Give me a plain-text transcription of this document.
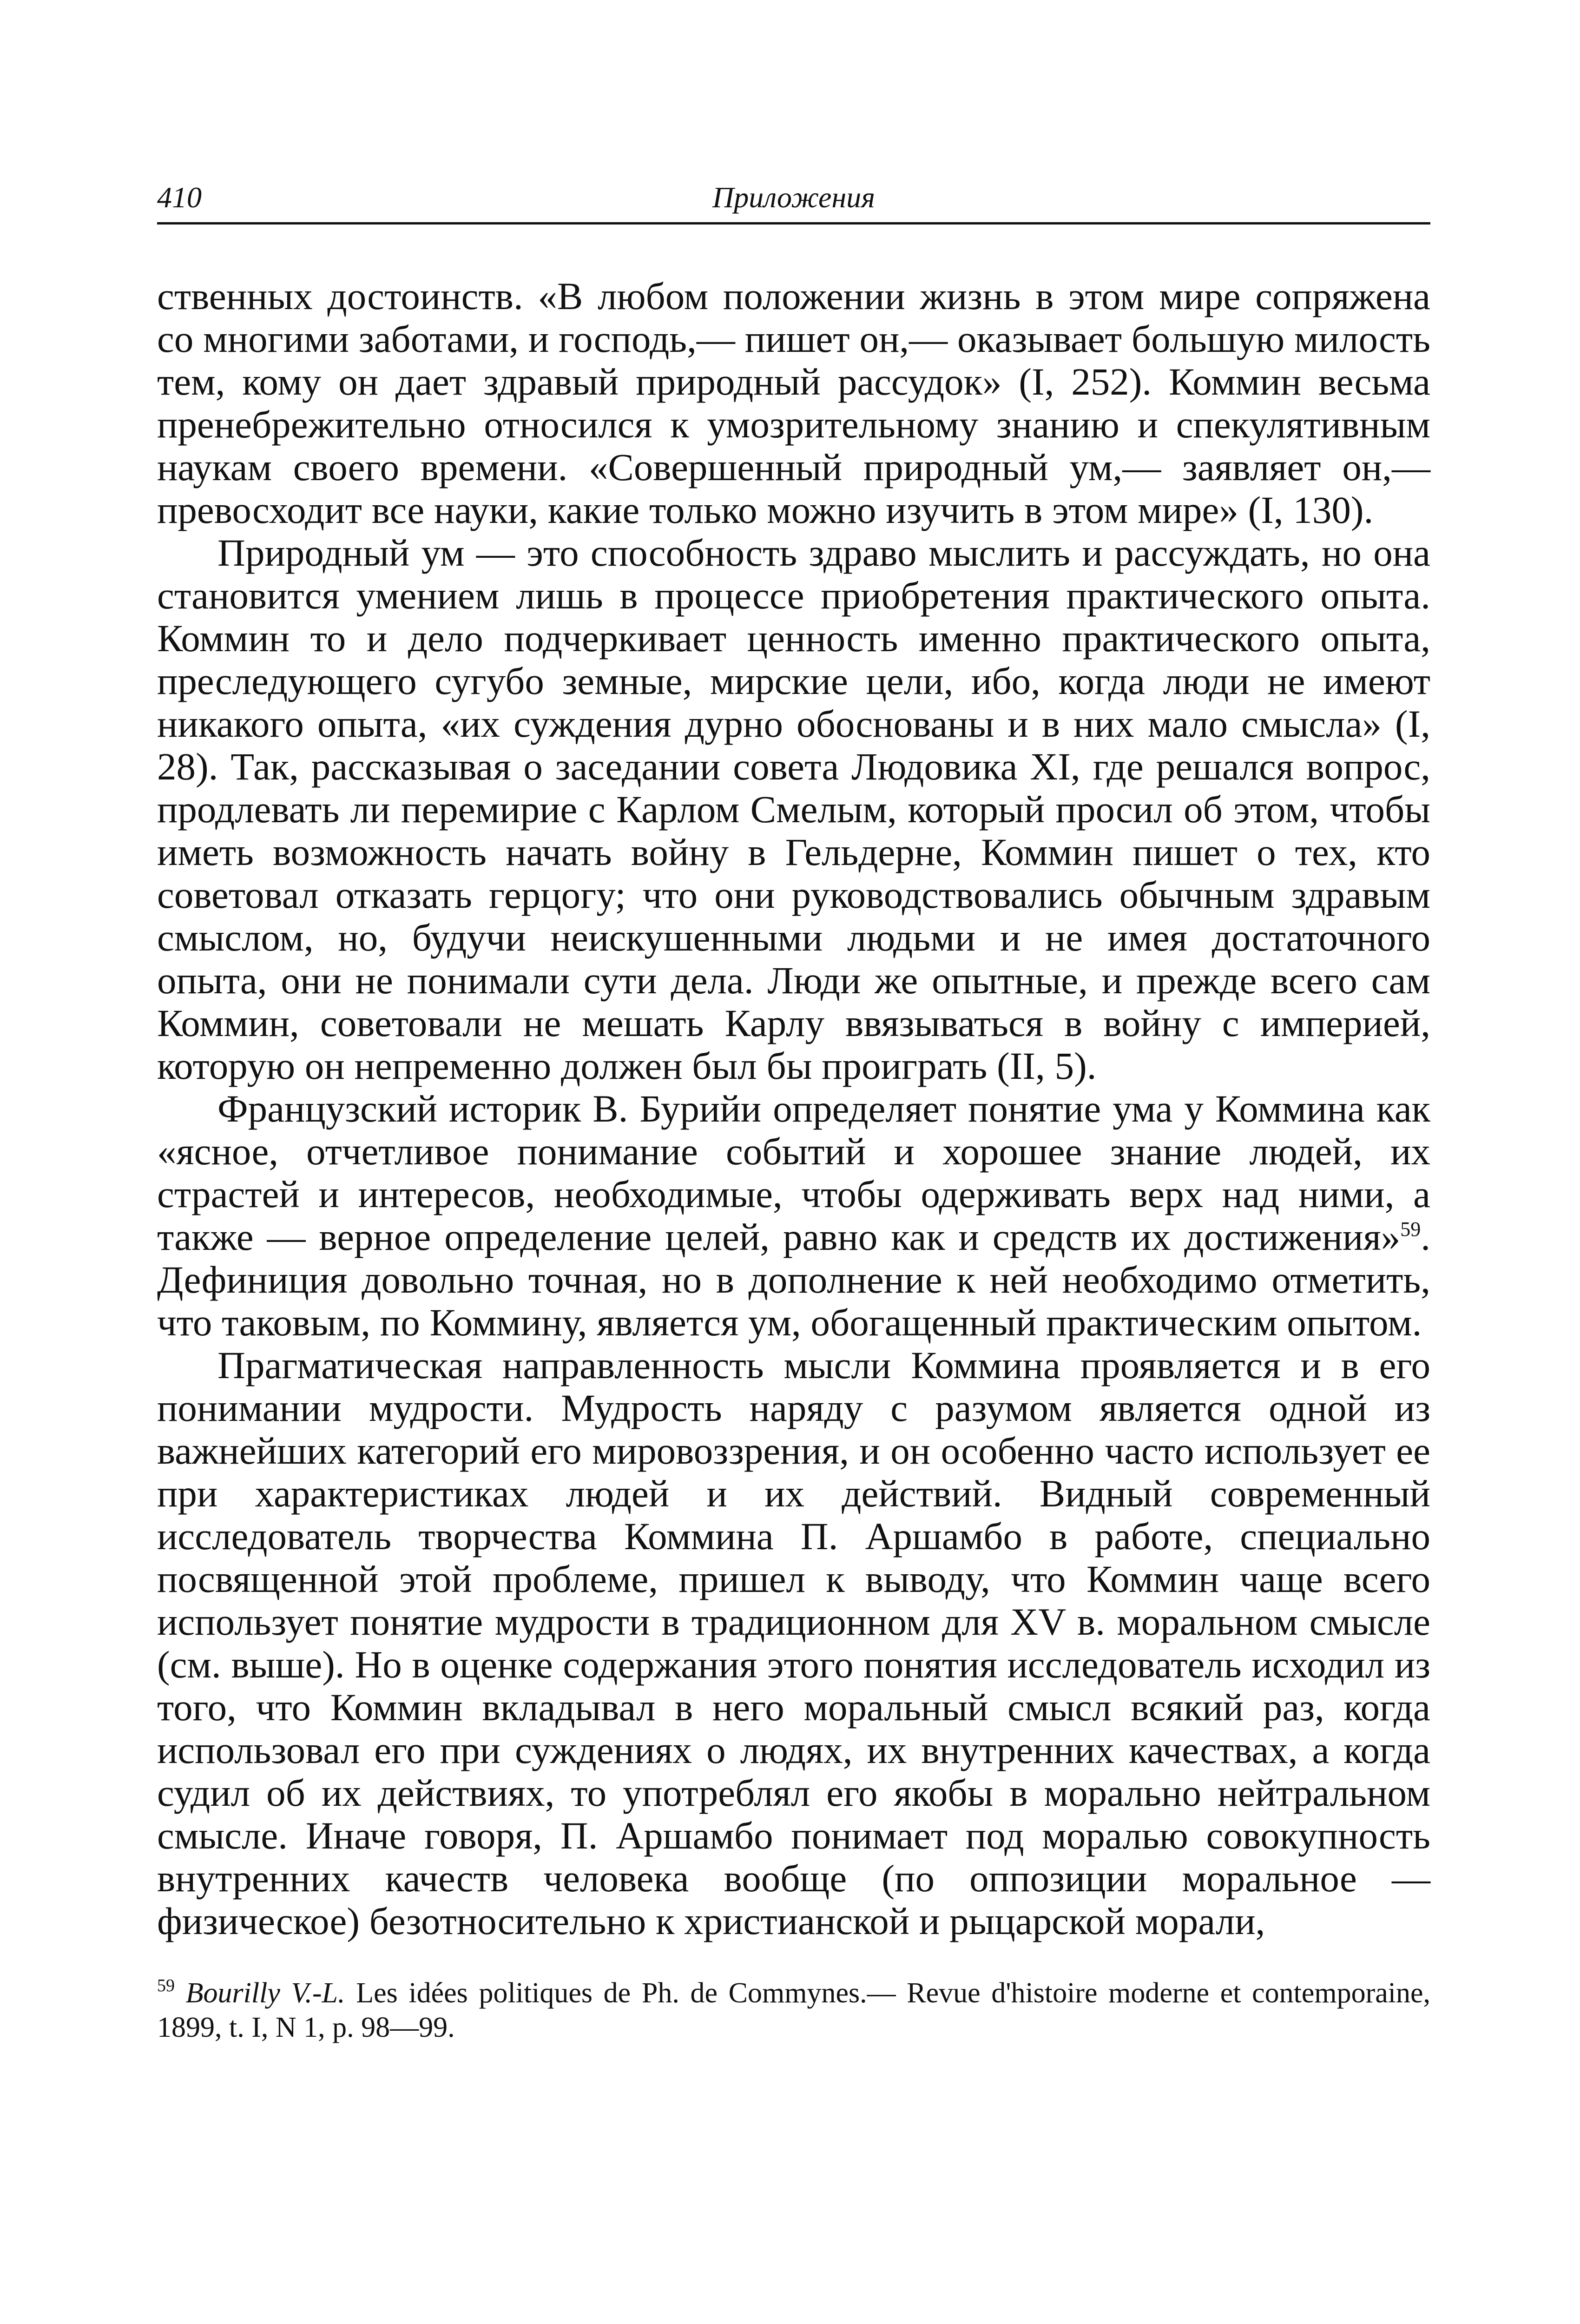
410	Приложения

ственных достоинств. «В любом положении жизнь в этом мире сопряжена со многими заботами, и господь,— пишет он,— оказывает большую милость тем, кому он дает здравый природный рассудок» (I, 252). Коммин весьма пренебрежительно относился к умозрительному знанию и спекулятивным наукам своего времени. «Совершенный природный ум,— заявляет он,— превосходит все науки, какие только можно изучить в этом мире» (I, 130).

Природный ум — это способность здраво мыслить и рассуждать, но она становится умением лишь в процессе приобретения практического опыта. Коммин то и дело подчеркивает ценность именно практического опыта, преследующего сугубо земные, мирские цели, ибо, когда люди не имеют никакого опыта, «их суждения дурно обоснованы и в них мало смысла» (I, 28). Так, рассказывая о заседании совета Людовика XI, где решался вопрос, продлевать ли перемирие с Карлом Смелым, который просил об этом, чтобы иметь возможность начать войну в Гельдерне, Коммин пишет о тех, кто советовал отказать герцогу; что они руководствовались обычным здравым смыслом, но, будучи неискушенными людьми и не имея достаточного опыта, они не понимали сути дела. Люди же опытные, и прежде всего сам Коммин, советовали не мешать Карлу ввязываться в войну с империей, которую он непременно должен был бы проиграть (II, 5).

Французский историк В. Бурийи определяет понятие ума у Коммина как «ясное, отчетливое понимание событий и хорошее знание людей, их страстей и интересов, необходимые, чтобы одерживать верх над ними, а также — верное определение целей, равно как и средств их достижения»$^{59}$. Дефиниция довольно точная, но в дополнение к ней необходимо отметить, что таковым, по Коммину, является ум, обогащенный практическим опытом.

Прагматическая направленность мысли Коммина проявляется и в его понимании мудрости. Мудрость наряду с разумом является одной из важнейших категорий его мировоззрения, и он особенно часто использует ее при характеристиках людей и их действий. Видный современный исследователь творчества Коммина П. Аршамбо в работе, специально посвященной этой проблеме, пришел к выводу, что Коммин чаще всего использует понятие мудрости в традиционном для XV в. моральном смысле (см. выше). Но в оценке содержания этого понятия исследователь исходил из того, что Коммин вкладывал в него моральный смысл всякий раз, когда использовал его при суждениях о людях, их внутренних качествах, а когда судил об их действиях, то употреблял его якобы в морально нейтральном смысле. Иначе говоря, П. Аршамбо понимает под моралью совокупность внутренних качеств человека вообще (по оппозиции моральное — физическое) безотносительно к христианской и рыцарской морали,

$^{59}$ Bourilly V.-L. Les idées politiques de Ph. de Commynes.— Revue d'histoire moderne et contemporaine, 1899, t. I, N 1, p. 98—99.
